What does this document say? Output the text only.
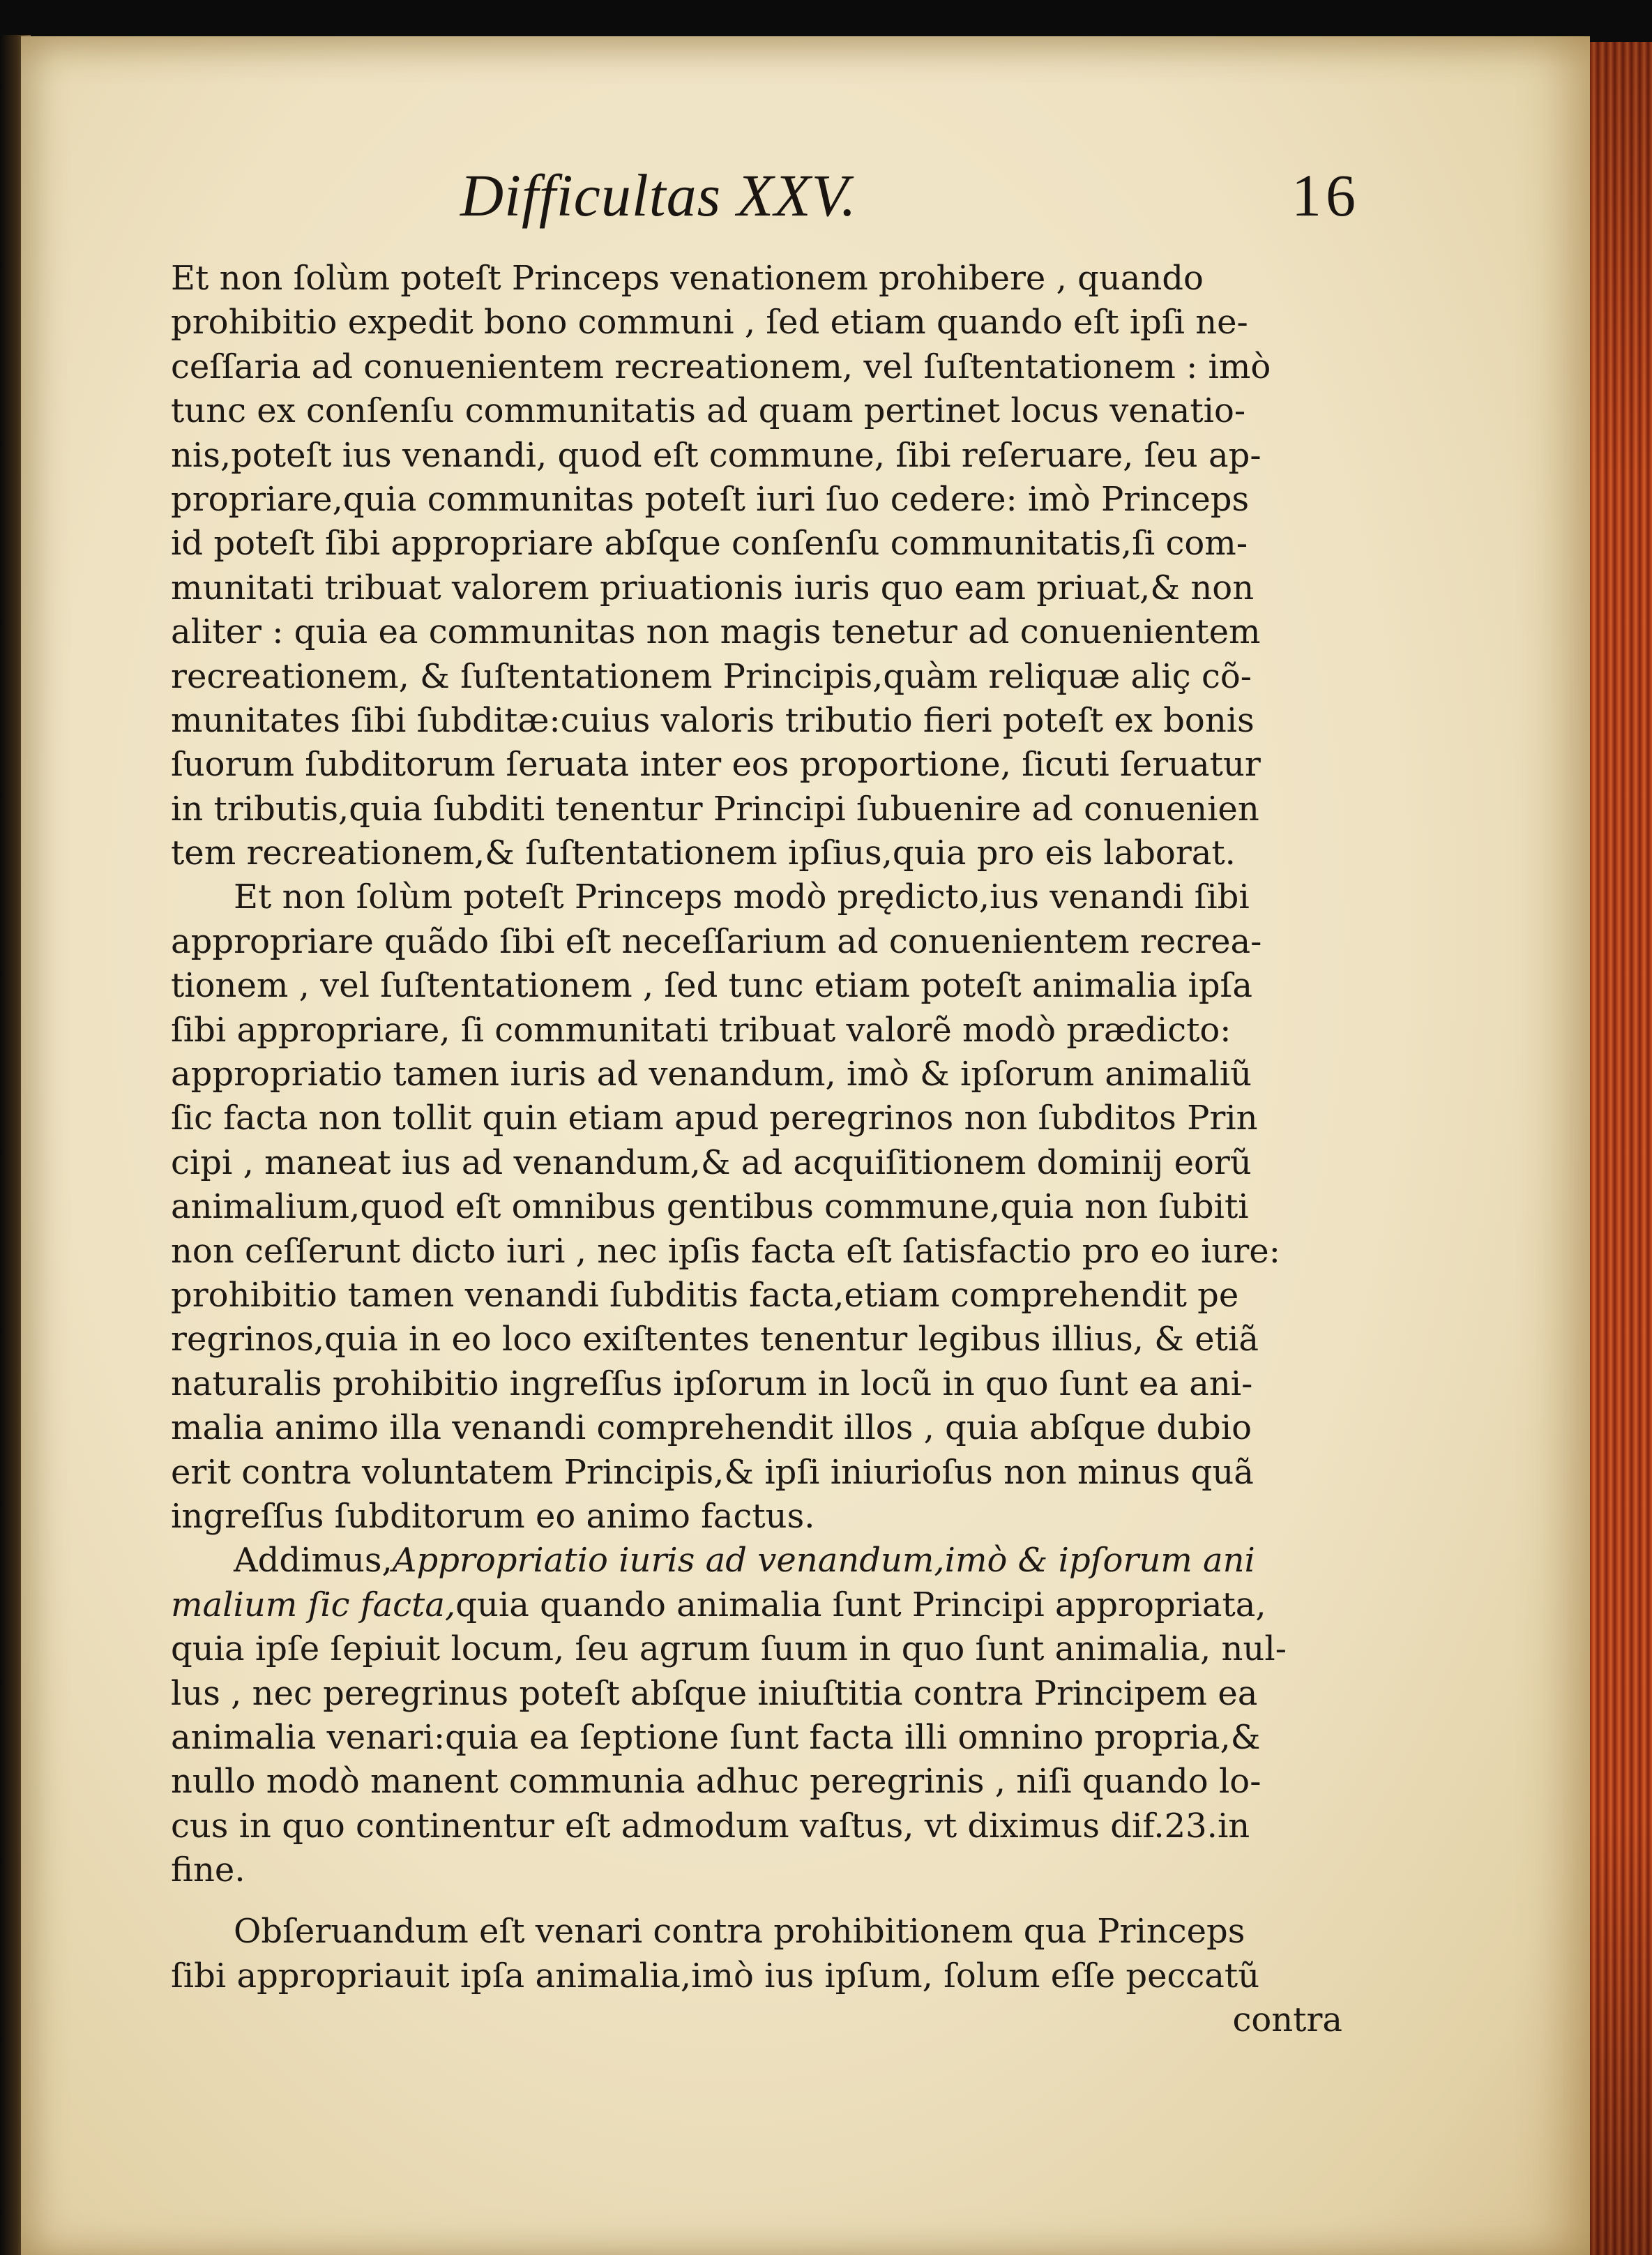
Difficultas XXV.	16
Et non ſolùm poteſt Princeps venationem prohibere , quando
prohibitio expedit bono communi , ſed etiam quando eſt ipſi ne-
ceſſaria ad conuenientem recreationem, vel ſuſtentationem : imò
tunc ex conſenſu communitatis ad quam pertinet locus venatio-
nis,poteſt ius venandi, quod eſt commune, ſibi reſeruare, ſeu ap-
propriare,quia communitas poteſt iuri ſuo cedere: imò Princeps
id poteſt ſibi appropriare abſque conſenſu communitatis,ſi com-
munitati tribuat valorem priuationis iuris quo eam priuat,& non
aliter : quia ea communitas non magis tenetur ad conuenientem
recreationem, & ſuſtentationem Principis,quàm reliquæ aliç cõ-
munitates ſibi ſubditæ:cuius valoris tributio fieri poteſt ex bonis
ſuorum ſubditorum ſeruata inter eos proportione, ſicuti ſeruatur
in tributis,quia ſubditi tenentur Principi ſubuenire ad conuenien
tem recreationem,& ſuſtentationem ipſius,quia pro eis laborat.
Et non ſolùm poteſt Princeps modò prędicto,ius venandi ſibi
appropriare quãdo ſibi eſt neceſſarium ad conuenientem recrea-
tionem , vel ſuſtentationem , ſed tunc etiam poteſt animalia ipſa
ſibi appropriare, ſi communitati tribuat valorẽ modò prædicto:
appropriatio tamen iuris ad venandum, imò & ipſorum animaliũ
ſic facta non tollit quin etiam apud peregrinos non ſubditos Prin
cipi , maneat ius ad venandum,& ad acquiſitionem dominij eorũ
animalium,quod eſt omnibus gentibus commune,quia non ſubiti
non ceſſerunt dicto iuri , nec ipſis facta eſt ſatisfactio pro eo iure:
prohibitio tamen venandi ſubditis facta,etiam comprehendit pe
regrinos,quia in eo loco exiſtentes tenentur legibus illius, & etiã
naturalis prohibitio ingreſſus ipſorum in locũ in quo ſunt ea ani-
malia animo illa venandi comprehendit illos , quia abſque dubio
erit contra voluntatem Principis,& ipſi iniurioſus non minus quã
ingreſſus ſubditorum eo animo factus.
Addimus,Appropriatio iuris ad venandum,imò & ipſorum ani
malium ſic facta,quia quando animalia ſunt Principi appropriata,
quia ipſe ſepiuit locum, ſeu agrum ſuum in quo ſunt animalia, nul-
lus , nec peregrinus poteſt abſque iniuſtitia contra Principem ea
animalia venari:quia ea ſeptione ſunt facta illi omnino propria,&
nullo modò manent communia adhuc peregrinis , niſi quando lo-
cus in quo continentur eſt admodum vaſtus, vt diximus dif.23.in
fine.
Obſeruandum eſt venari contra prohibitionem qua Princeps
ſibi appropriauit ipſa animalia,imò ius ipſum, ſolum eſſe peccatũ
contra
